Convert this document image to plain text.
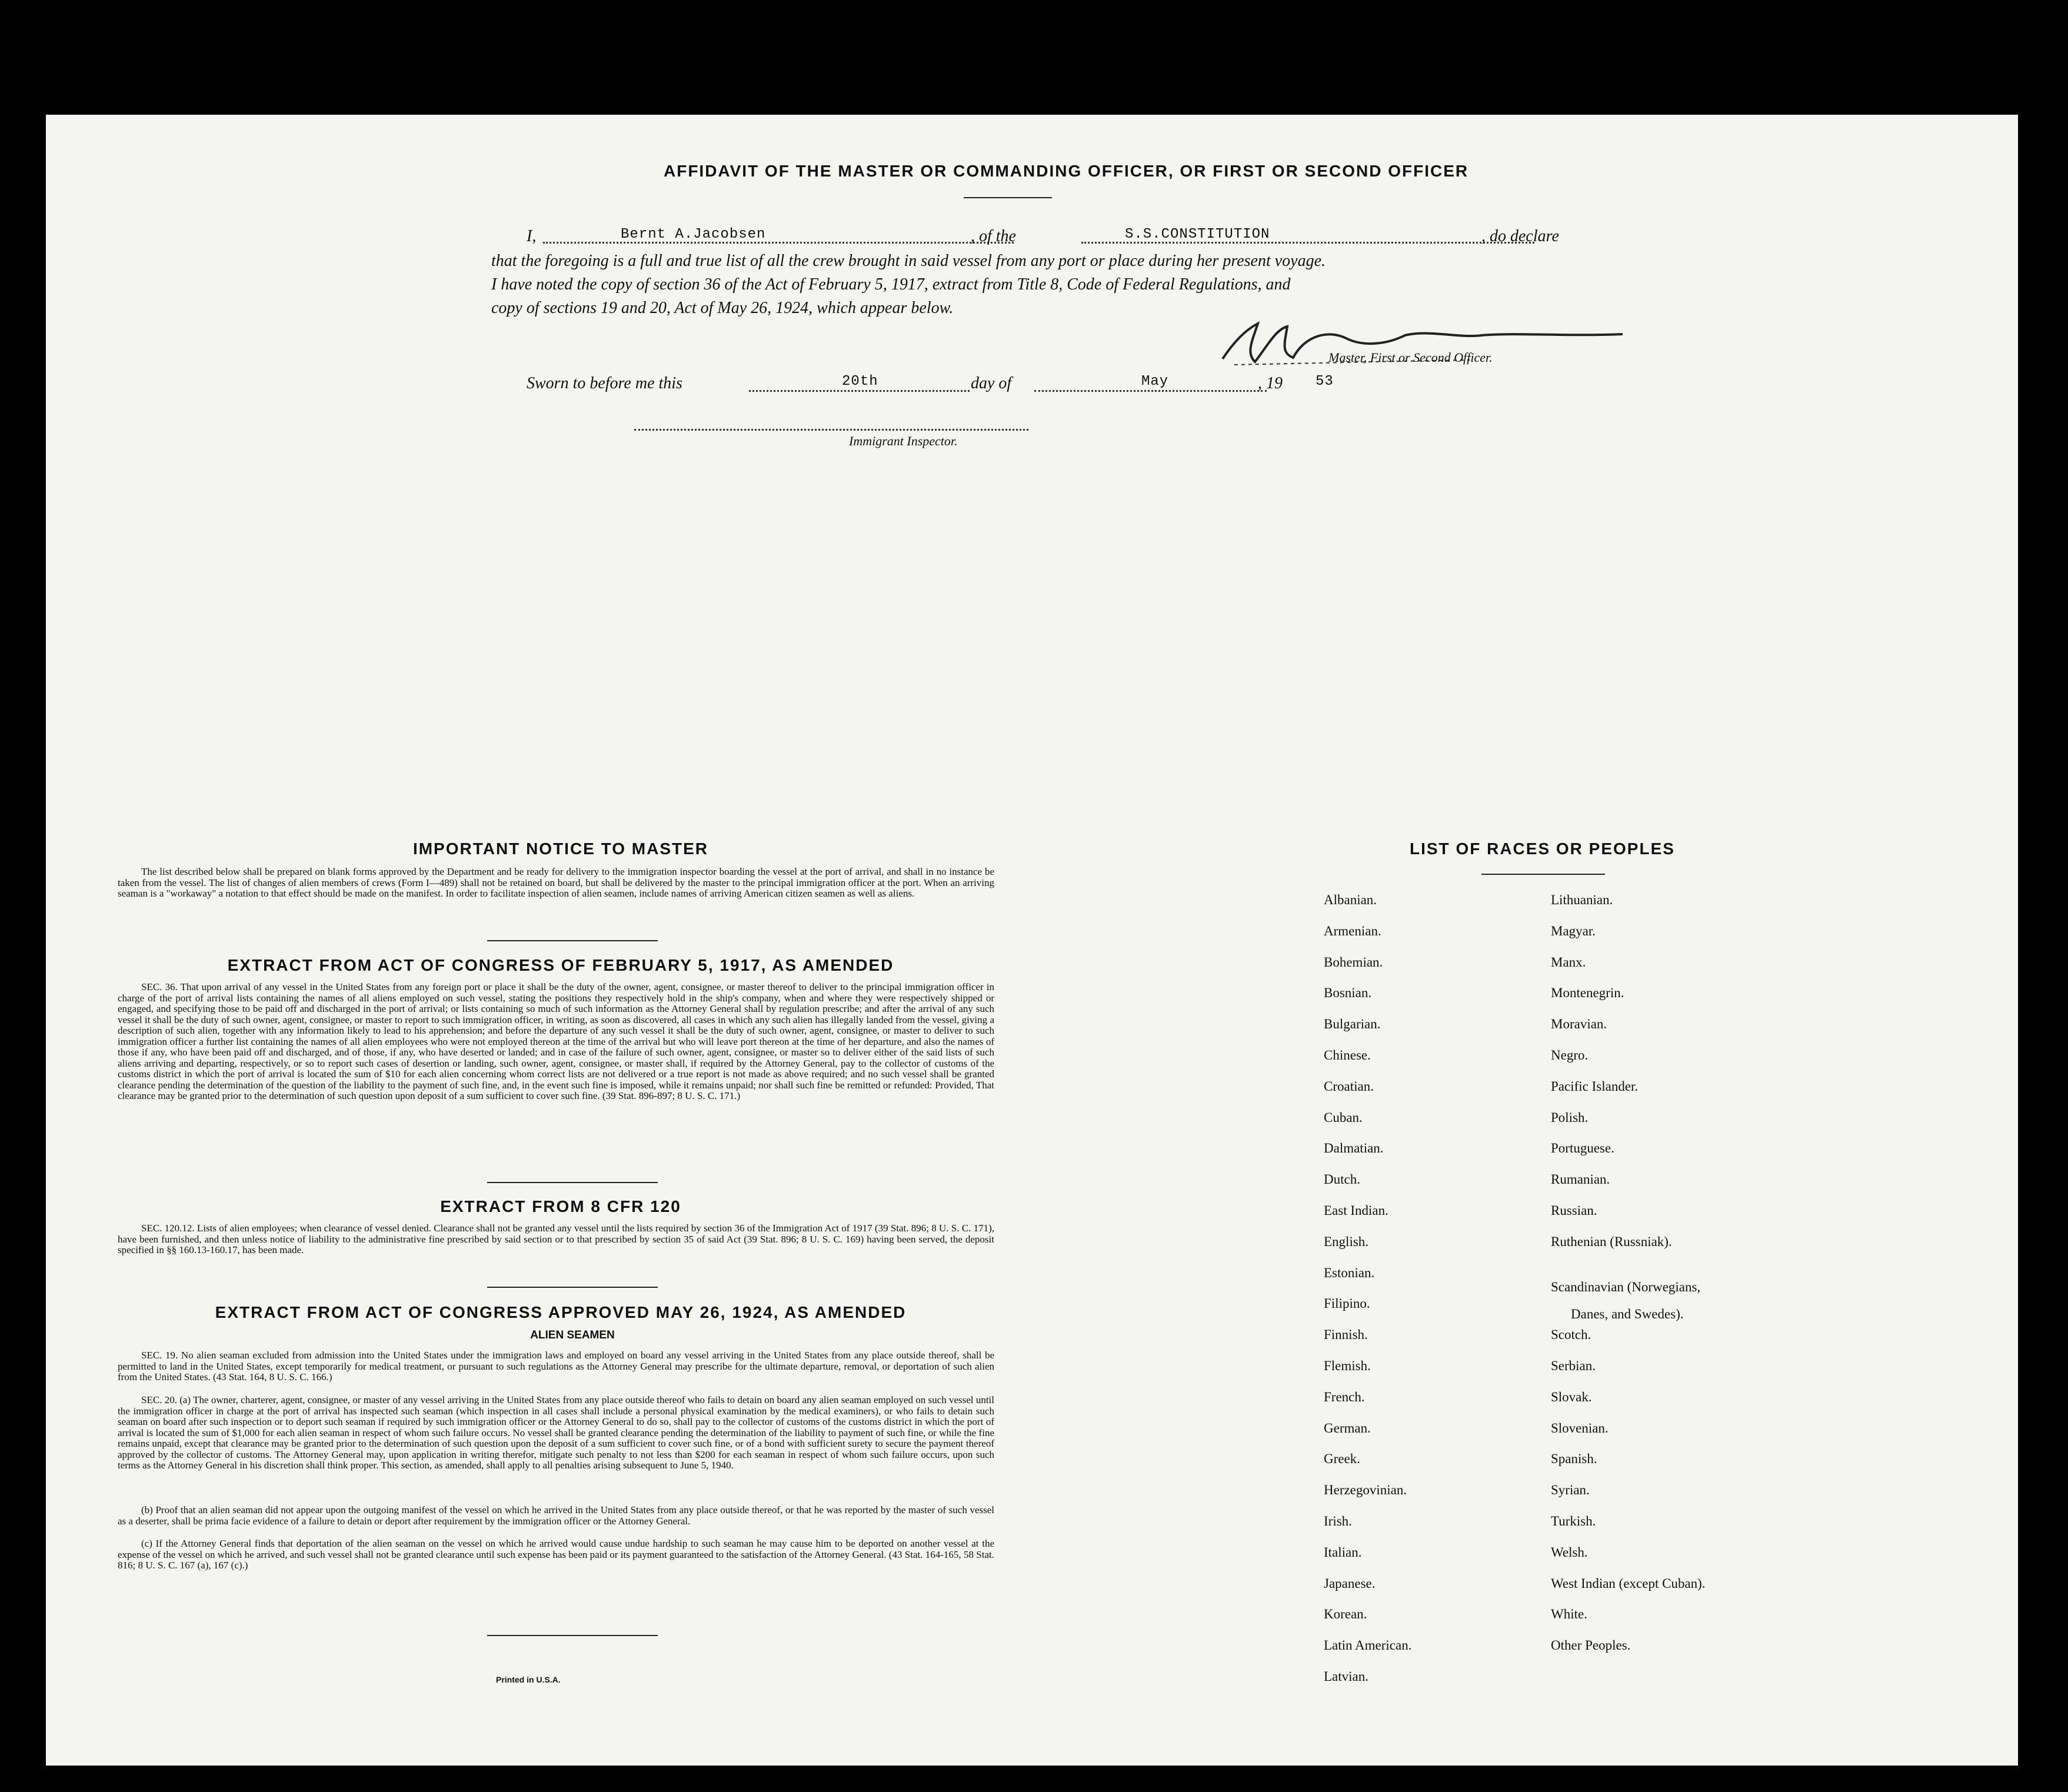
AFFIDAVIT OF THE MASTER OR COMMANDING OFFICER, OR FIRST OR SECOND OFFICER
I,	Bernt A.Jacobsen	, of the	S.S.CONSTITUTION	, do declare
that the foregoing is a full and true list of all the crew brought in said vessel from any port or place during her present voyage.
I have noted the copy of section 36 of the Act of February 5, 1917, extract from Title 8, Code of Federal Regulations, and
copy of sections 19 and 20, Act of May 26, 1924, which appear below.
Master, First or Second Officer.
Sworn to before me this	20th	day of	May	, 19 53
Immigrant Inspector.
IMPORTANT NOTICE TO MASTER
The list described below shall be prepared on blank forms approved by the Department and be ready for delivery to the immigration inspector boarding the vessel at the port of arrival, and shall in no instance be taken from the vessel. The list of changes of alien members of crews (Form I—489) shall not be retained on board, but shall be delivered by the master to the principal immigration officer at the port. When an arriving seaman is a "workaway" a notation to that effect should be made on the manifest. In order to facilitate inspection of alien seamen, include names of arriving American citizen seamen as well as aliens.
EXTRACT FROM ACT OF CONGRESS OF FEBRUARY 5, 1917, AS AMENDED
SEC. 36. That upon arrival of any vessel in the United States from any foreign port or place it shall be the duty of the owner, agent, consignee, or master thereof to deliver to the principal immigration officer in charge of the port of arrival lists containing the names of all aliens employed on such vessel, stating the positions they respectively hold in the ship's company, when and where they were respectively shipped or engaged, and specifying those to be paid off and discharged in the port of arrival; or lists containing so much of such information as the Attorney General shall by regulation prescribe; and after the arrival of any such vessel it shall be the duty of such owner, agent, consignee, or master to report to such immigration officer, in writing, as soon as discovered, all cases in which any such alien has illegally landed from the vessel, giving a description of such alien, together with any information likely to lead to his apprehension; and before the departure of any such vessel it shall be the duty of such owner, agent, consignee, or master to deliver to such immigration officer a further list containing the names of all alien employees who were not employed thereon at the time of the arrival but who will leave port thereon at the time of her departure, and also the names of those if any, who have been paid off and discharged, and of those, if any, who have deserted or landed; and in case of the failure of such owner, agent, consignee, or master so to deliver either of the said lists of such aliens arriving and departing, respectively, or so to report such cases of desertion or landing, such owner, agent, consignee, or master shall, if required by the Attorney General, pay to the collector of customs of the customs district in which the port of arrival is located the sum of $10 for each alien concerning whom correct lists are not delivered or a true report is not made as above required; and no such vessel shall be granted clearance pending the determination of the question of the liability to the payment of such fine, and, in the event such fine is imposed, while it remains unpaid; nor shall such fine be remitted or refunded: Provided, That clearance may be granted prior to the determination of such question upon deposit of a sum sufficient to cover such fine. (39 Stat. 896-897; 8 U. S. C. 171.)
EXTRACT FROM 8 CFR 120
SEC. 120.12. Lists of alien employees; when clearance of vessel denied. Clearance shall not be granted any vessel until the lists required by section 36 of the Immigration Act of 1917 (39 Stat. 896; 8 U. S. C. 171), have been furnished, and then unless notice of liability to the administrative fine prescribed by said section or to that prescribed by section 35 of said Act (39 Stat. 896; 8 U. S. C. 169) having been served, the deposit specified in §§ 160.13-160.17, has been made.
EXTRACT FROM ACT OF CONGRESS APPROVED MAY 26, 1924, AS AMENDED
ALIEN SEAMEN
SEC. 19. No alien seaman excluded from admission into the United States under the immigration laws and employed on board any vessel arriving in the United States from any place outside thereof, shall be permitted to land in the United States, except temporarily for medical treatment, or pursuant to such regulations as the Attorney General may prescribe for the ultimate departure, removal, or deportation of such alien from the United States. (43 Stat. 164, 8 U. S. C. 166.)
SEC. 20. (a) The owner, charterer, agent, consignee, or master of any vessel arriving in the United States from any place outside thereof who fails to detain on board any alien seaman employed on such vessel until the immigration officer in charge at the port of arrival has inspected such seaman (which inspection in all cases shall include a personal physical examination by the medical examiners), or who fails to detain such seaman on board after such inspection or to deport such seaman if required by such immigration officer or the Attorney General to do so, shall pay to the collector of customs of the customs district in which the port of arrival is located the sum of $1,000 for each alien seaman in respect of whom such failure occurs. No vessel shall be granted clearance pending the determination of the liability to payment of such fine, or while the fine remains unpaid, except that clearance may be granted prior to the determination of such question upon the deposit of a sum sufficient to cover such fine, or of a bond with sufficient surety to secure the payment thereof approved by the collector of customs. The Attorney General may, upon application in writing therefor, mitigate such penalty to not less than $200 for each seaman in respect of whom such failure occurs, upon such terms as the Attorney General in his discretion shall think proper. This section, as amended, shall apply to all penalties arising subsequent to June 5, 1940.
(b) Proof that an alien seaman did not appear upon the outgoing manifest of the vessel on which he arrived in the United States from any place outside thereof, or that he was reported by the master of such vessel as a deserter, shall be prima facie evidence of a failure to detain or deport after requirement by the immigration officer or the Attorney General.
(c) If the Attorney General finds that deportation of the alien seaman on the vessel on which he arrived would cause undue hardship to such seaman he may cause him to be deported on another vessel at the expense of the vessel on which he arrived, and such vessel shall not be granted clearance until such expense has been paid or its payment guaranteed to the satisfaction of the Attorney General. (43 Stat. 164-165, 58 Stat. 816; 8 U. S. C. 167 (a), 167 (c).)
Printed in U.S.A.
LIST OF RACES OR PEOPLES
Albanian.
Armenian.
Bohemian.
Bosnian.
Bulgarian.
Chinese.
Croatian.
Cuban.
Dalmatian.
Dutch.
East Indian.
English.
Estonian.
Filipino.
Finnish.
Flemish.
French.
German.
Greek.
Herzegovinian.
Irish.
Italian.
Japanese.
Korean.
Latin American.
Latvian.
Lithuanian.
Magyar.
Manx.
Montenegrin.
Moravian.
Negro.
Pacific Islander.
Polish.
Portuguese.
Rumanian.
Russian.
Ruthenian (Russniak).
Scandinavian (Norwegians,
Danes, and Swedes).
Scotch.
Serbian.
Slovak.
Slovenian.
Spanish.
Syrian.
Turkish.
Welsh.
West Indian (except Cuban).
White.
Other Peoples.
